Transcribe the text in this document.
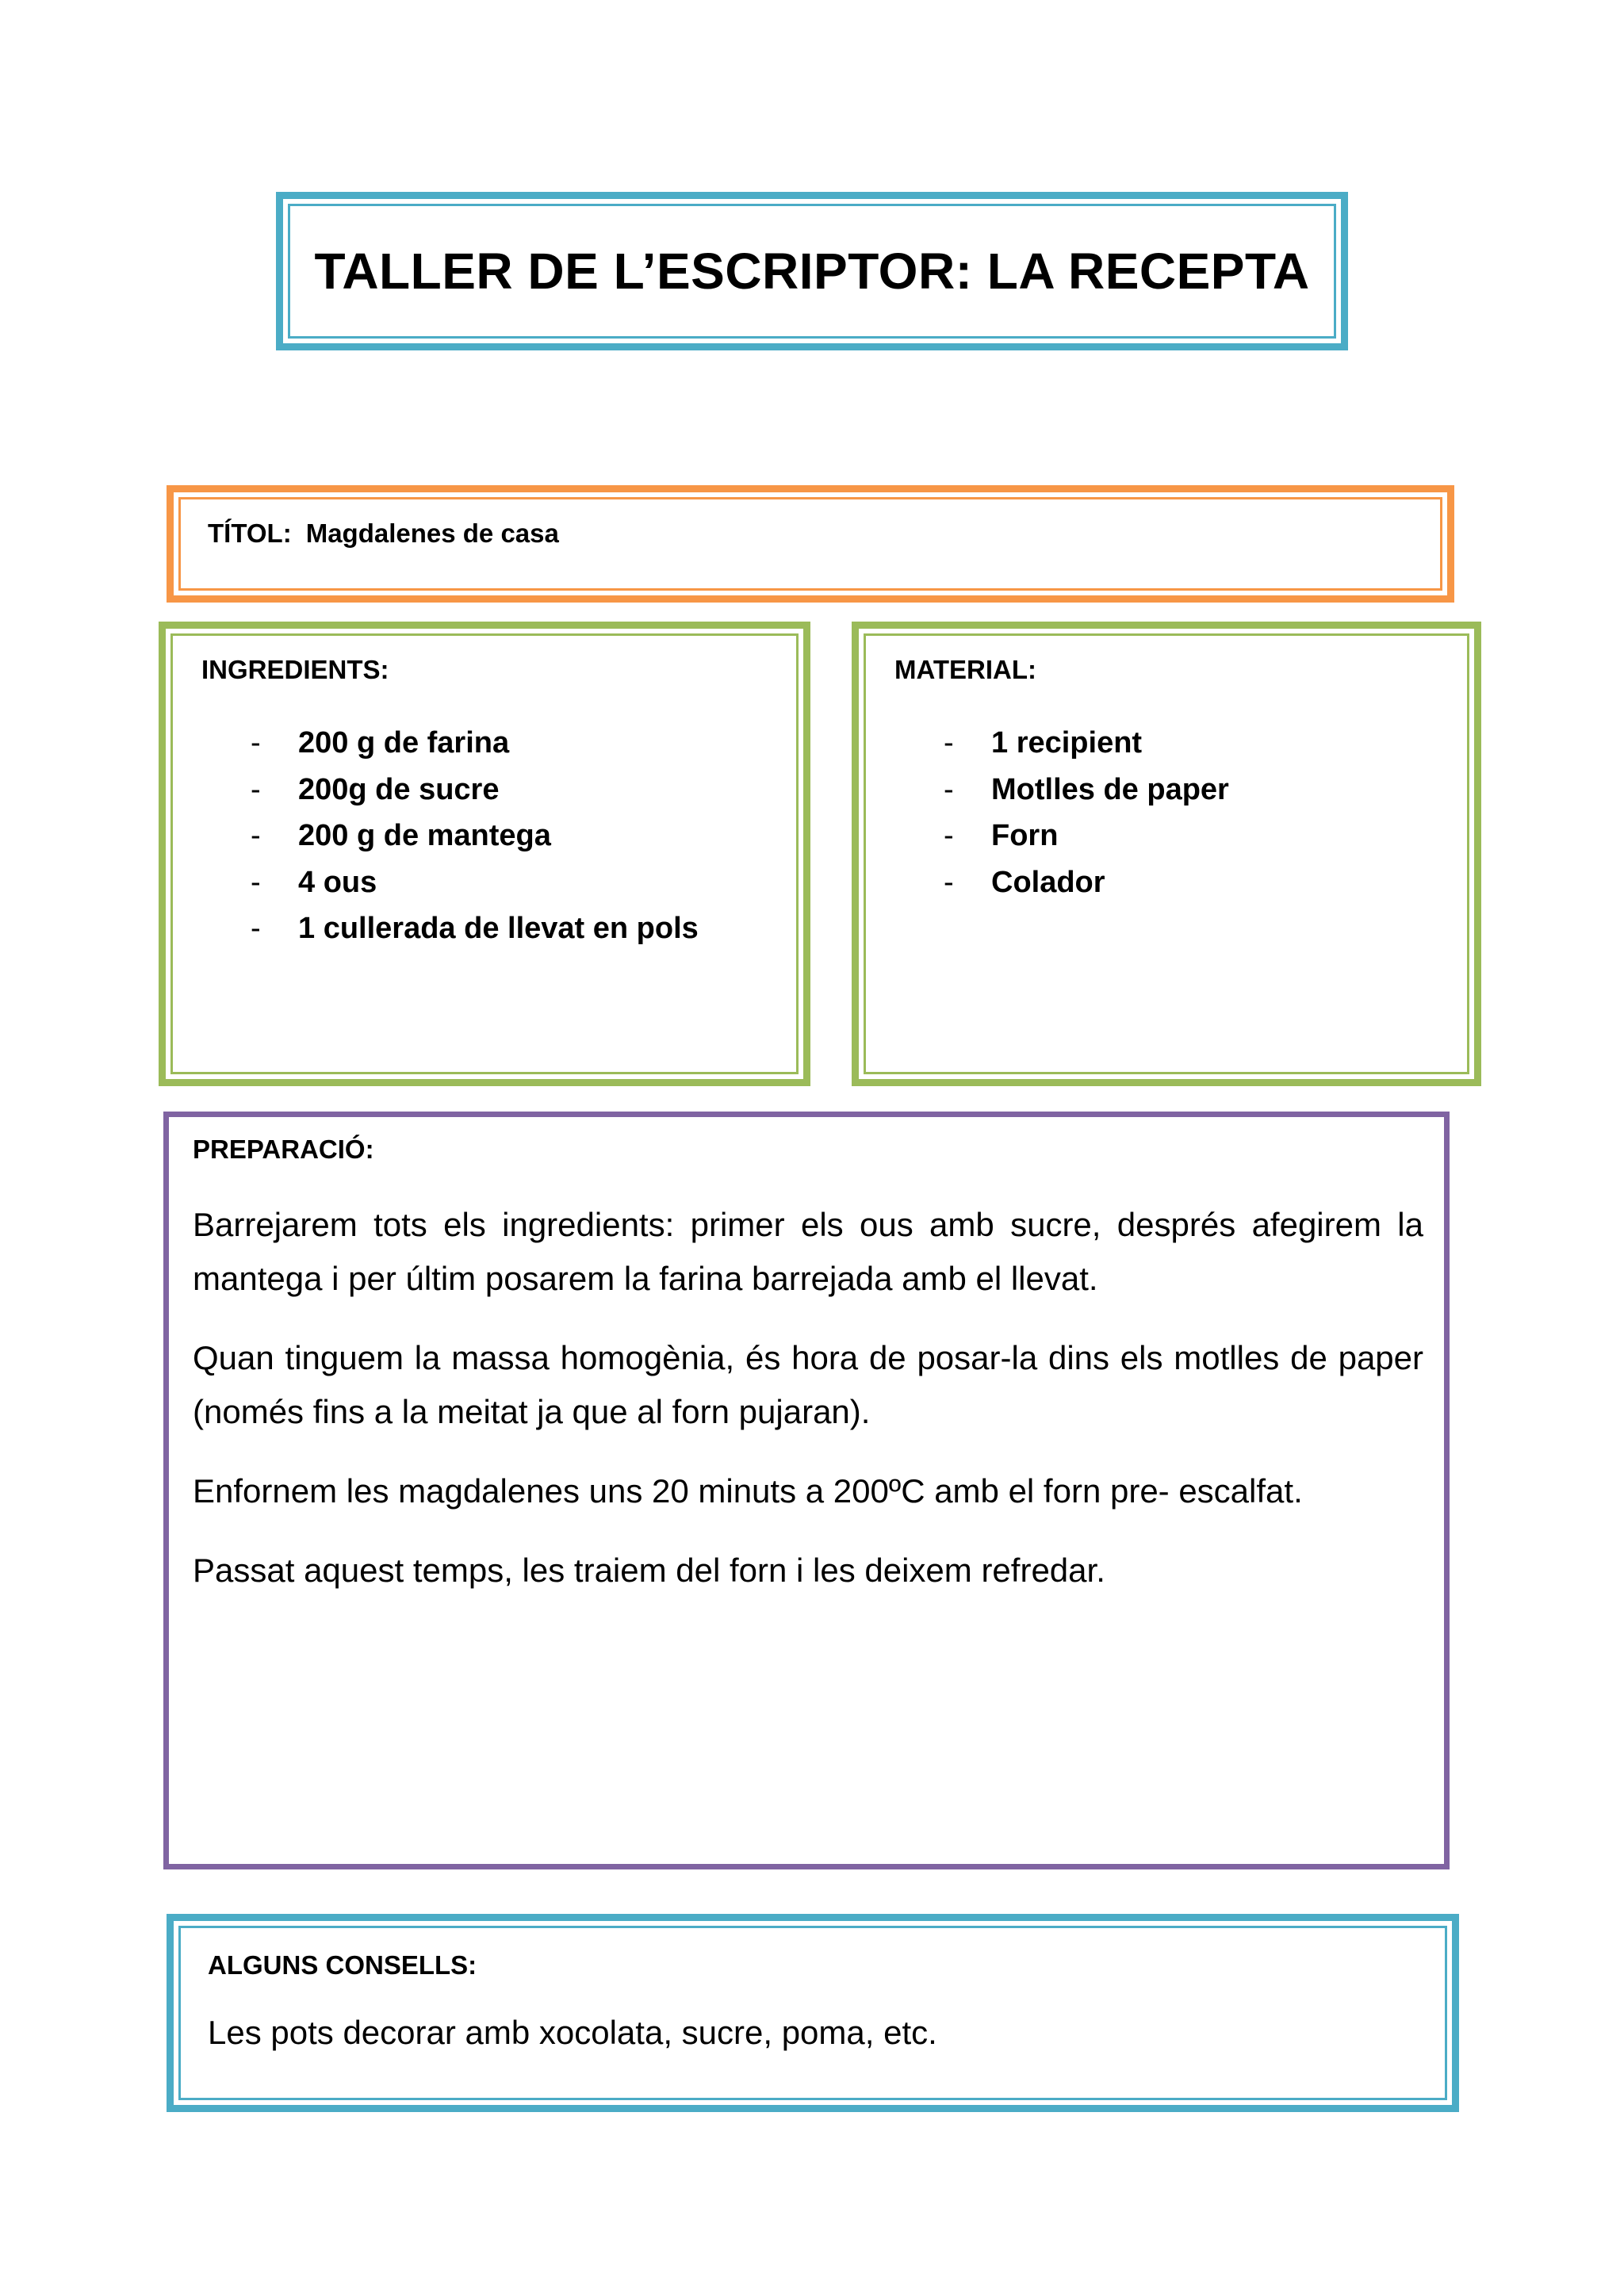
TALLER DE L’ESCRIPTOR: LA RECEPTA
TÍTOL: Magdalenes de casa
INGREDIENTS:
- 200 g de farina
- 200g de sucre
- 200 g de mantega
- 4 ous
- 1 cullerada de llevat en pols
MATERIAL:
- 1 recipient
- Motlles de paper
- Forn
- Colador
PREPARACIÓ:

Barrejarem tots els ingredients: primer els ous amb sucre, després afegirem la mantega i per últim posarem la farina barrejada amb el llevat.

Quan tinguem la massa homogènia, és hora de posar-la dins els motlles de paper (només fins a la meitat ja que al forn pujaran).

Enfornem les magdalenes uns 20 minuts a 200ºC amb el forn pre- escalfat.

Passat aquest temps, les traiem del forn i les deixem refredar.

ALGUNS CONSELLS:
Les pots decorar amb xocolata, sucre, poma, etc.
